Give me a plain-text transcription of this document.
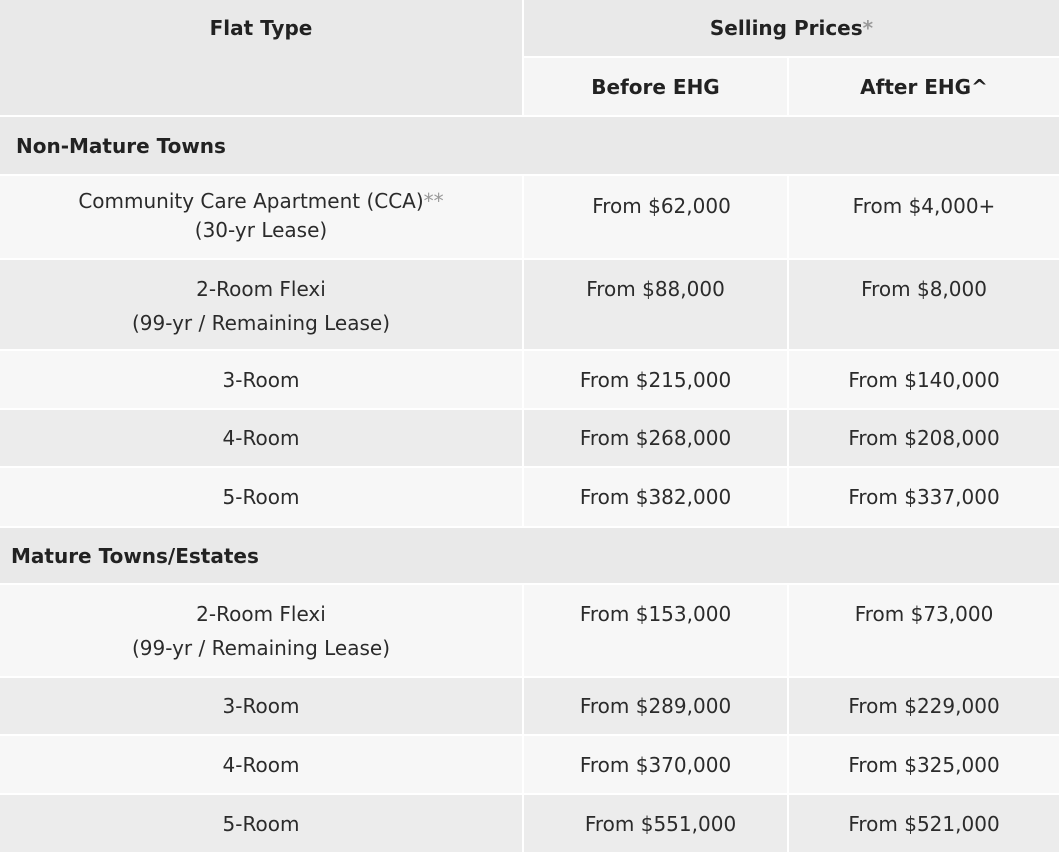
Flat Type	Selling Prices*	
	Before EHG	After EHG^
Non-Mature Towns		

Community Care Apartment (CCA)**
(30-yr Lease)	From $62,000	From $4,000+

2-Room Flexi
(99-yr / Remaining Lease)	From $88,000	From $8,000
3-Room	From $215,000	From $140,000
4-Room	From $268,000	From $208,000
5-Room	From $382,000	From $337,000
Mature Towns/Estates		

2-Room Flexi
(99-yr / Remaining Lease)	From $153,000	From $73,000
3-Room	From $289,000	From $229,000
4-Room	From $370,000	From $325,000
5-Room	From $551,000	From $521,000
